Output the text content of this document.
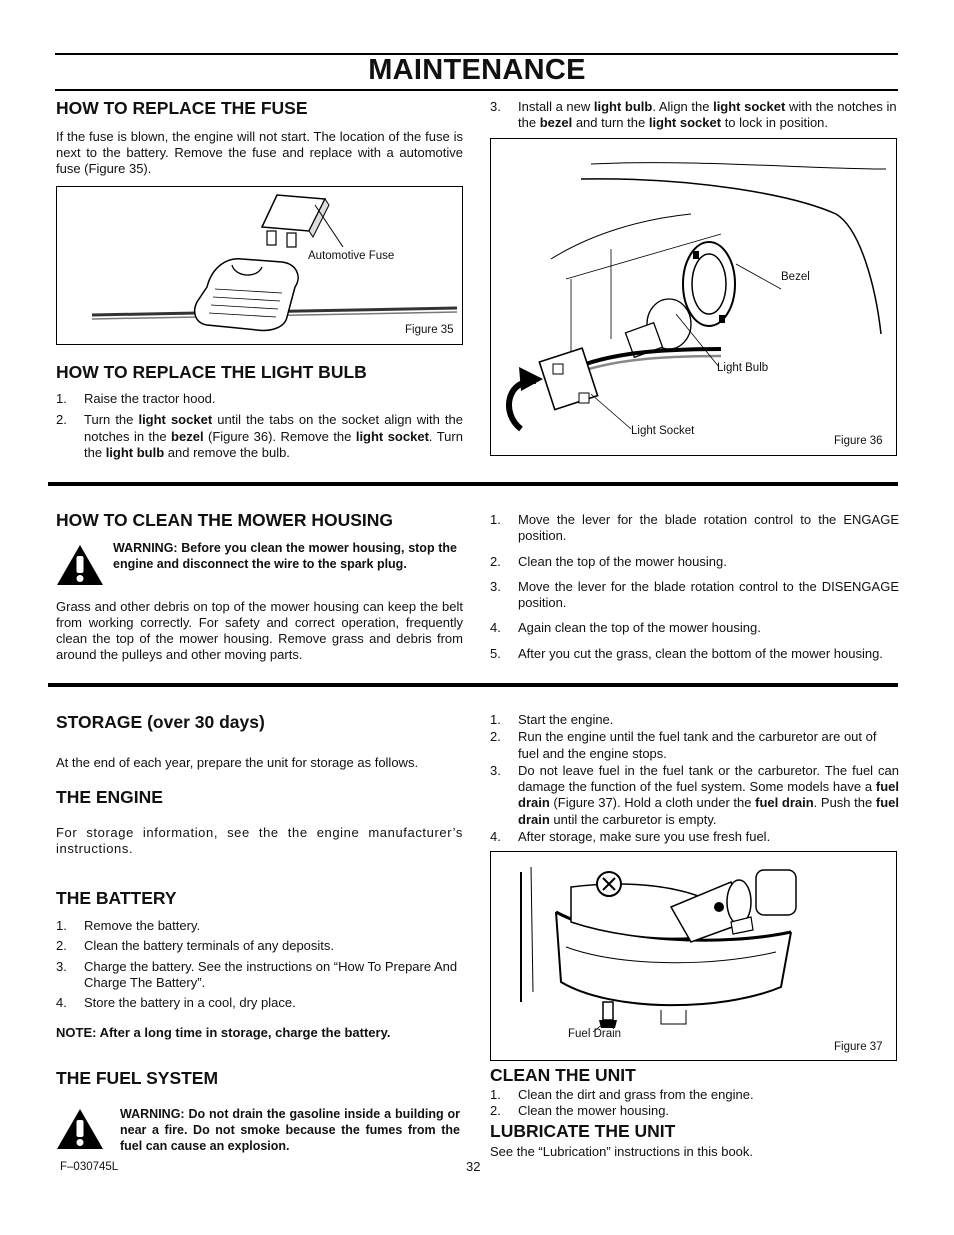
MAINTENANCE
HOW TO REPLACE THE FUSE

If the fuse is blown, the engine will not start. The location of the fuse is next to the battery. Remove the fuse and replace with a automotive fuse (Figure 35).

Automotive Fuse
Figure 35
HOW TO REPLACE THE LIGHT BULB
1. Raise the tractor hood.
2. Turn the light socket until the tabs on the socket align with the notches in the bezel (Figure 36). Remove the light socket. Turn the light bulb and remove the bulb.
3. Install a new light bulb. Align the light socket with the notches in the bezel and turn the light socket to lock in position.
Bezel
Light Bulb
Light Socket
Figure 36
HOW TO CLEAN THE MOWER HOUSING
WARNING: Before you clean the mower housing, stop the engine and disconnect the wire to the spark plug.

Grass and other debris on top of the mower housing can keep the belt from working correctly. For safety and correct operation, frequently clean the top of the mower housing. Remove grass and debris from around the pulleys and other moving parts.

1. Move the lever for the blade rotation control to the ENGAGE position.
2. Clean the top of the mower housing.
3. Move the lever for the blade rotation control to the DISENGAGE position.
4. Again clean the top of the mower housing.
5. After you cut the grass, clean the bottom of the mower housing.
STORAGE (over 30 days)

At the end of each year, prepare the unit for storage as follows.

THE ENGINE

For storage information, see the the engine manufacturer’s instructions.

THE BATTERY
1. Remove the battery.
2. Clean the battery terminals of any deposits.
3. Charge the battery. See the instructions on “How To Prepare And Charge The Battery”.
4. Store the battery in a cool, dry place.

NOTE: After a long time in storage, charge the battery.

THE FUEL SYSTEM
WARNING: Do not drain the gasoline inside a building or near a fire. Do not smoke because the fumes from the fuel can cause an explosion.
1. Start the engine.
2. Run the engine until the fuel tank and the carburetor are out of fuel and the engine stops.
3. Do not leave fuel in the fuel tank or the carburetor. The fuel can damage the function of the fuel system. Some models have a fuel drain (Figure 37). Hold a cloth under the fuel drain. Push the fuel drain until the carburetor is empty.
4. After storage, make sure you use fresh fuel.
Fuel Drain
Figure 37
CLEAN THE UNIT
1. Clean the dirt and grass from the engine.
2. Clean the mower housing.
LUBRICATE THE UNIT

See the “Lubrication” instructions in this book.

F–030745L	32
